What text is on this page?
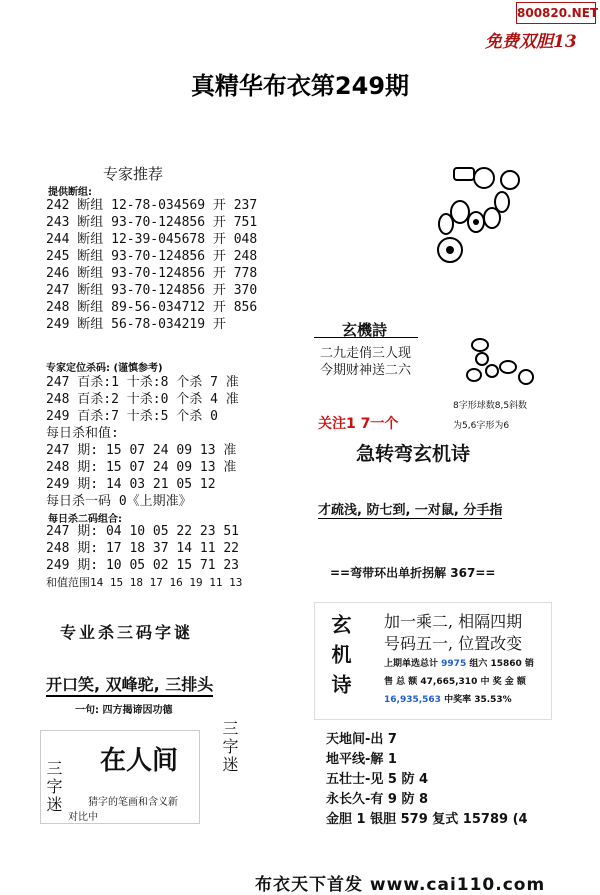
800820.NET
免费双胆13
真精华布衣第249期
专家推荐
提供断组:
242 断组 12-78-034569 开 237
243 断组 93-70-124856 开 751
244 断组 12-39-045678 开 048
245 断组 93-70-124856 开 248
246 断组 93-70-124856 开 778
247 断组 93-70-124856 开 370
248 断组 89-56-034712 开 856
249 断组 56-78-034219 开
专家定位杀码: (谨慎参考)
247 百杀:1 十杀:8 个杀 7 准
248 百杀:2 十杀:0 个杀 4 准
249 百杀:7 十杀:5 个杀 0
每日杀和值:
247 期: 15 07 24 09 13 准
248 期: 15 07 24 09 13 准
249 期: 14 03 21 05 12
每日杀一码 0《上期准》
每日杀二码组合:
247 期: 04 10 05 22 23 51
248 期: 17 18 37 14 11 22
249 期: 10 05 02 15 71 23
和值范围14 15 18 17 16 19 11 13
专业杀三码字谜
开口笑, 双峰驼, 三排头
一句: 四方揭谛因功德
在人间
三字迷
三字迷
猜字的笔画和含义新
对比中
玄機詩
二九走俏三人现
今期财神送二六
8字形球数8,5斜数
为5,6字形为6
关注1 7一个
急转弯玄机诗
才疏浅, 防七到, 一对鼠, 分手指
==弯带环出单折拐解 367==
玄机诗 加一乘二, 相隔四期
号码五一, 位置改变
上期单选总计 9975 组六 15860 销
售 总 额 47,665,310 中 奖 金 额
16,935,563 中奖率 35.53%
天地间-出 7
地平线-解 1
五壮士-见 5 防 4
永长久-有 9 防 8
金胆 1 银胆 579 复式 15789 (4
布衣天下首发 www.cai110.com
